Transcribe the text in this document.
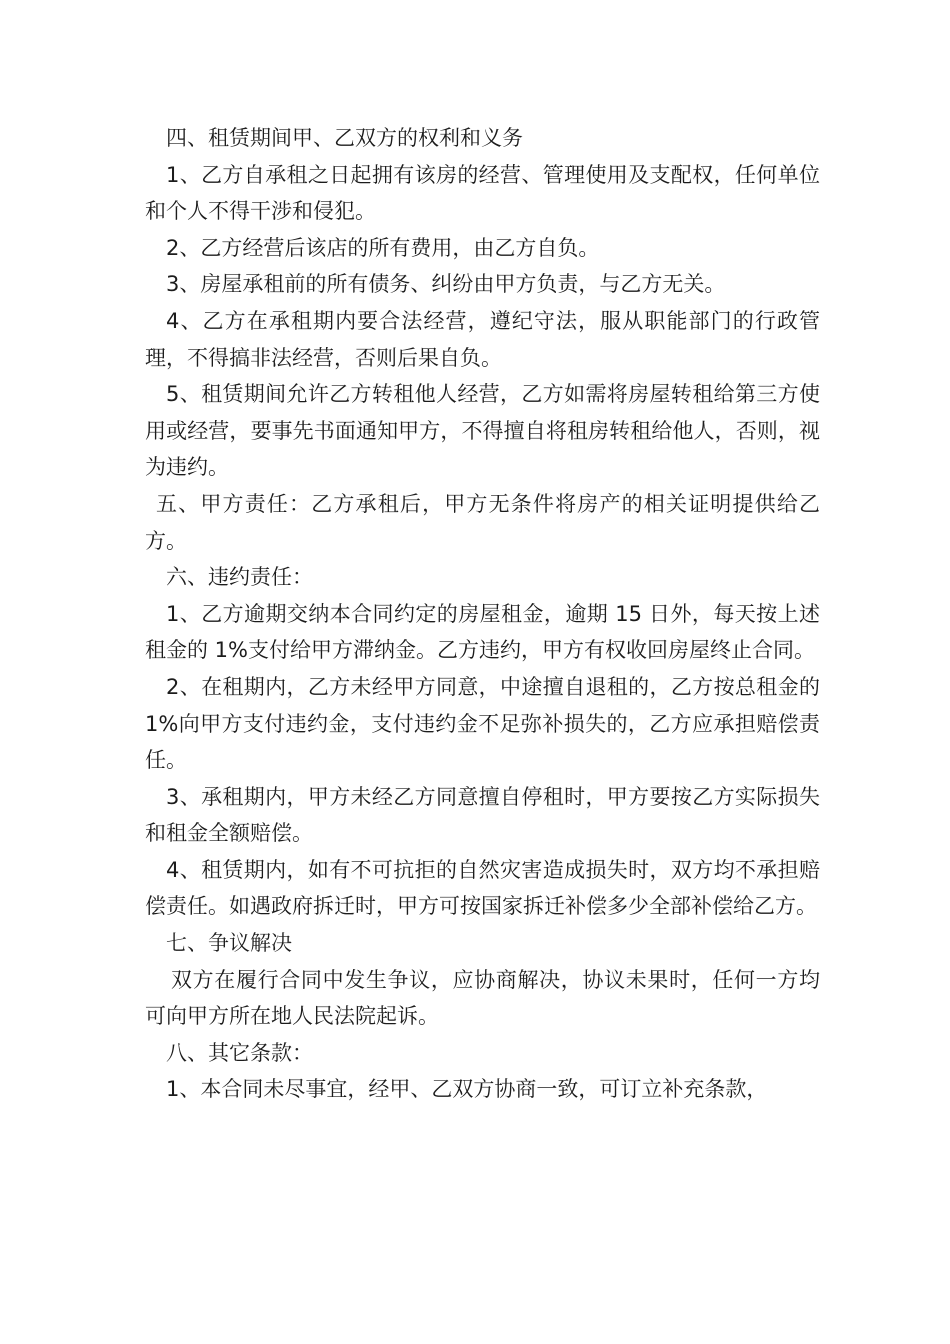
四、租赁期间甲、乙双方的权利和义务

1、乙方自承租之日起拥有该房的经营、管理使用及支配权，任何单位和个人不得干涉和侵犯。

2、乙方经营后该店的所有费用，由乙方自负。

3、房屋承租前的所有债务、纠纷由甲方负责，与乙方无关。

4、乙方在承租期内要合法经营，遵纪守法，服从职能部门的行政管理，不得搞非法经营，否则后果自负。

5、租赁期间允许乙方转租他人经营，乙方如需将房屋转租给第三方使用或经营，要事先书面通知甲方，不得擅自将租房转租给他人，否则，视为违约。

五、甲方责任：乙方承租后，甲方无条件将房产的相关证明提供给乙方。

六、违约责任：

1、乙方逾期交纳本合同约定的房屋租金，逾期 15 日外，每天按上述租金的 1%支付给甲方滞纳金。乙方违约，甲方有权收回房屋终止合同。

2、在租期内，乙方未经甲方同意，中途擅自退租的，乙方按总租金的 1%向甲方支付违约金，支付违约金不足弥补损失的，乙方应承担赔偿责任。

3、承租期内，甲方未经乙方同意擅自停租时，甲方要按乙方实际损失和租金全额赔偿。

4、租赁期内，如有不可抗拒的自然灾害造成损失时，双方均不承担赔偿责任。如遇政府拆迁时，甲方可按国家拆迁补偿多少全部补偿给乙方。

七、争议解决

双方在履行合同中发生争议，应协商解决，协议未果时，任何一方均可向甲方所在地人民法院起诉。

八、其它条款：

1、本合同未尽事宜，经甲、乙双方协商一致，可订立补充条款，
